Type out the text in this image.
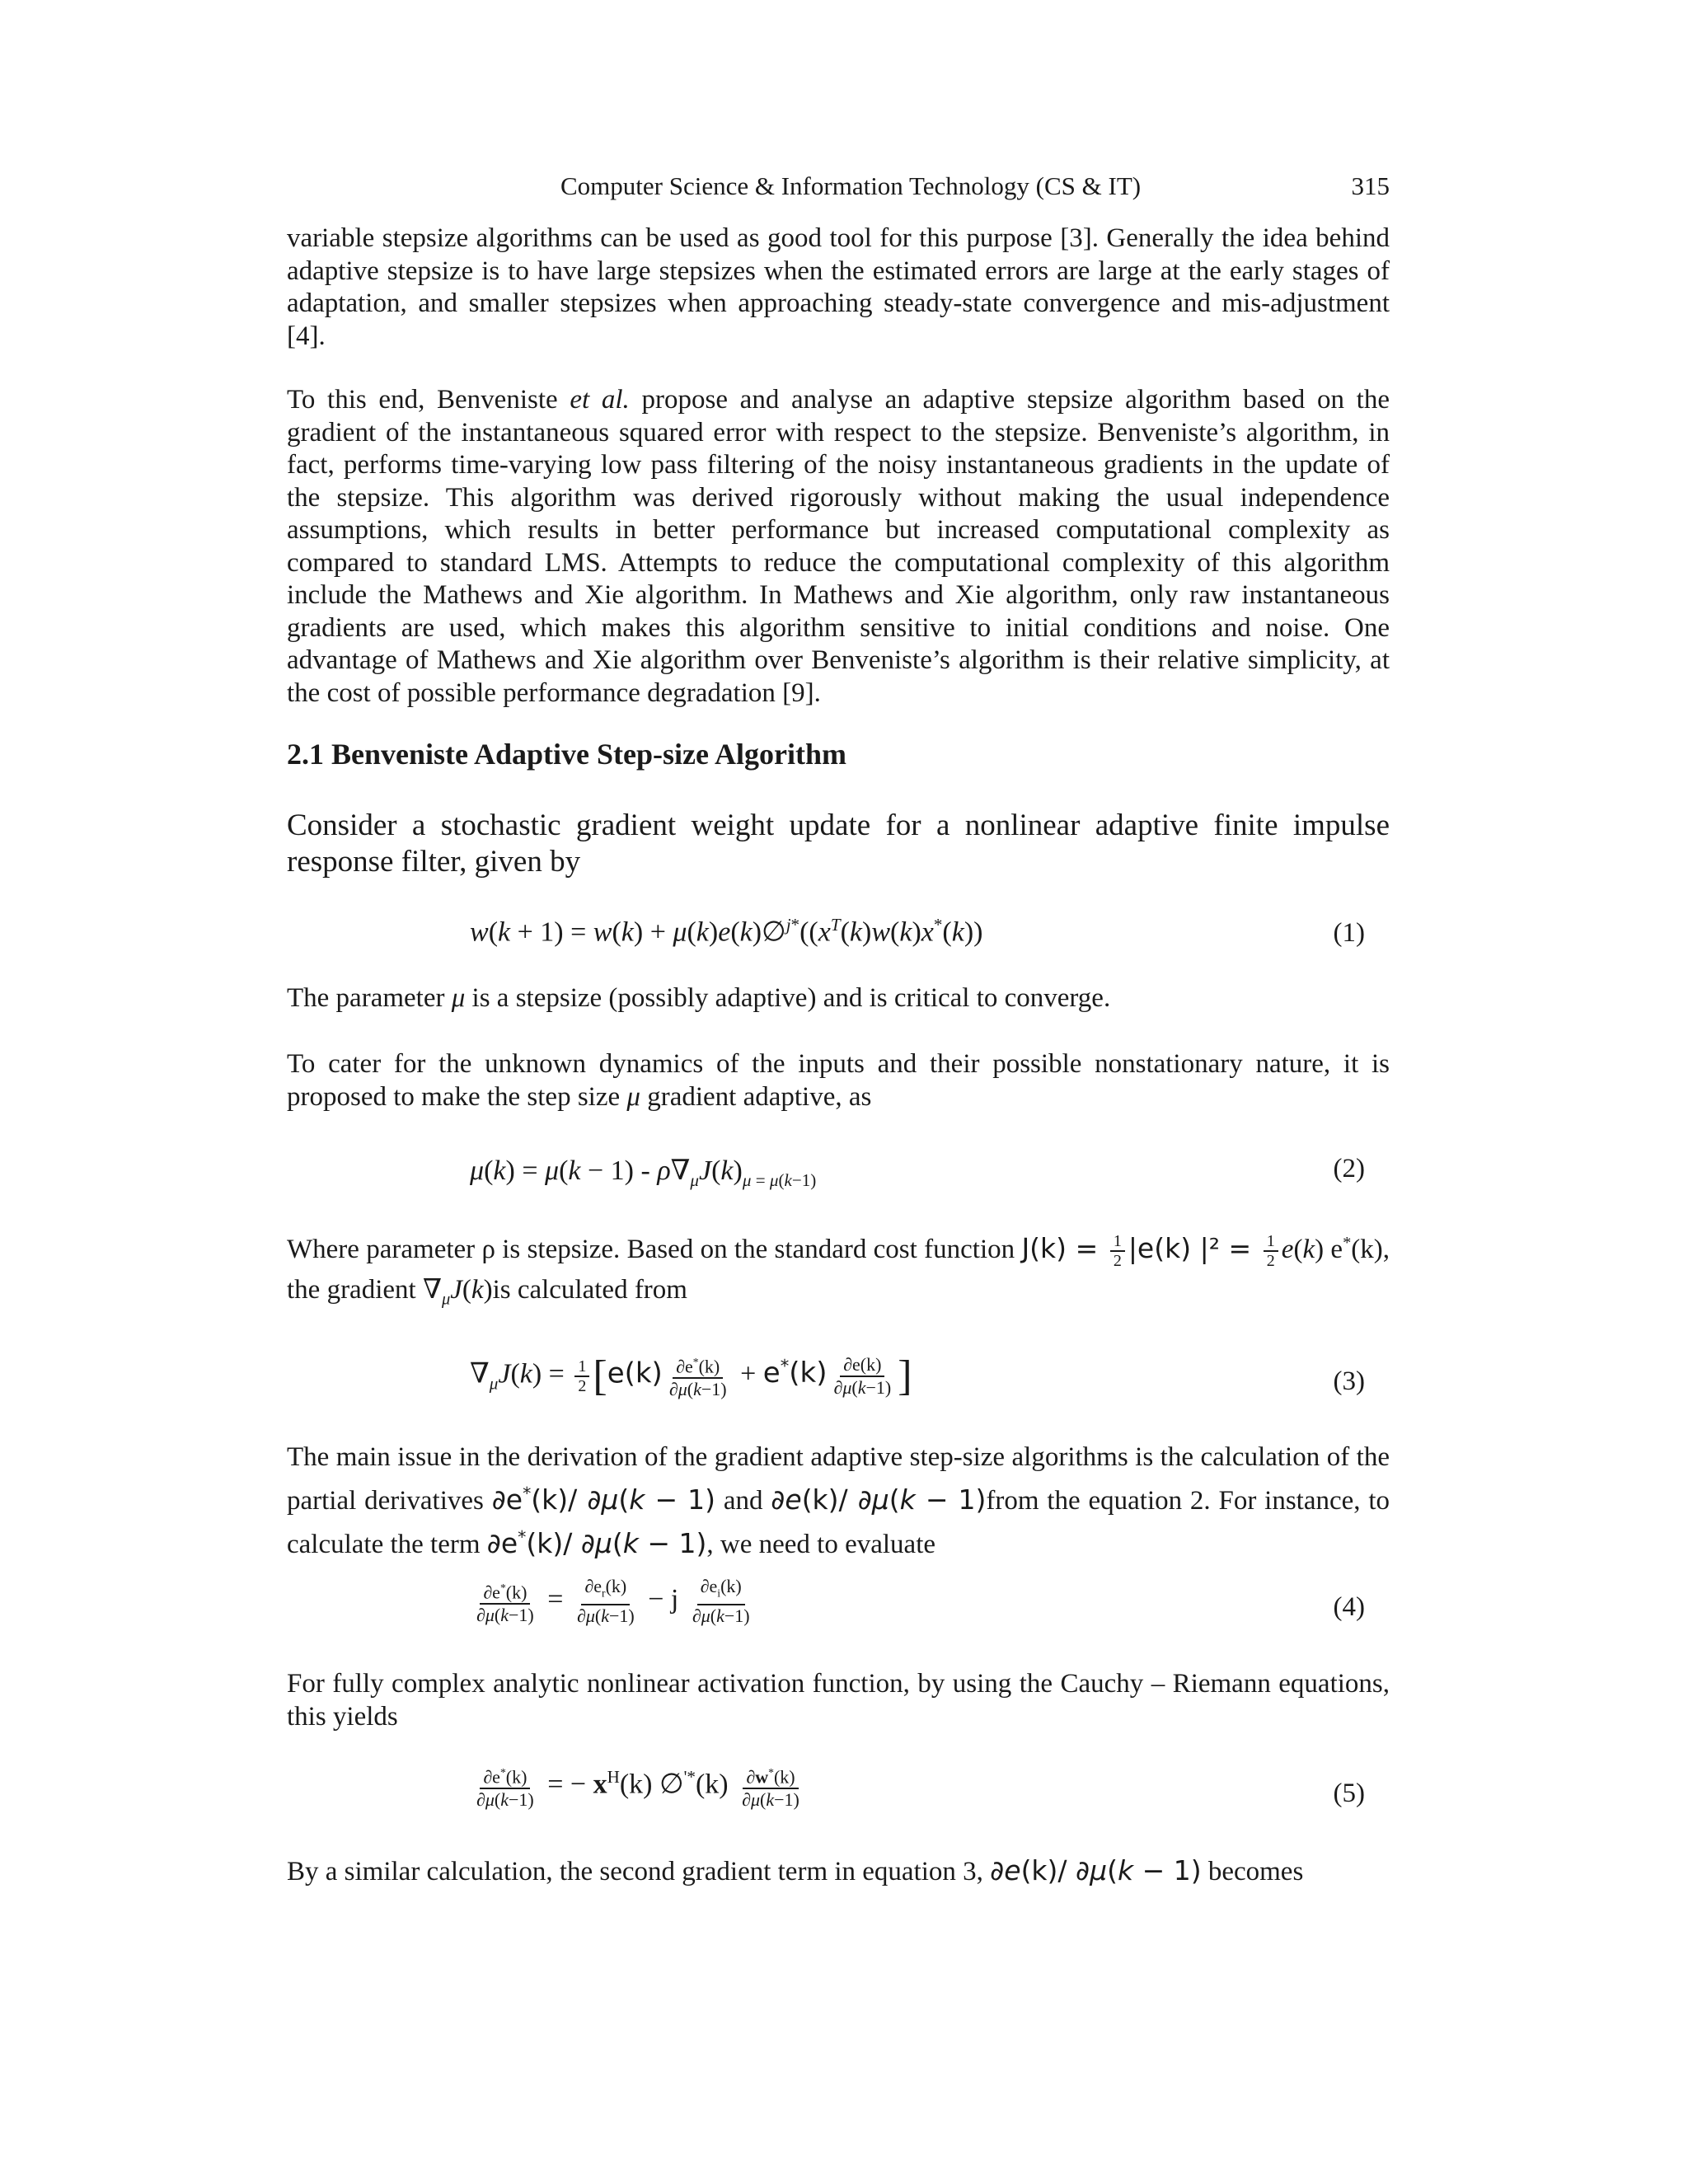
Computer Science & Information Technology (CS & IT)	315
variable stepsize algorithms can be used as good tool for this purpose [3]. Generally the idea behind adaptive stepsize is to have large stepsizes when the estimated errors are large at the early stages of adaptation, and smaller stepsizes when approaching steady-state convergence and mis-adjustment [4].
To this end, Benveniste et al. propose and analyse an adaptive stepsize algorithm based on the gradient of the instantaneous squared error with respect to the stepsize. Benveniste’s algorithm, in fact, performs time-varying low pass filtering of the noisy instantaneous gradients in the update of the stepsize. This algorithm was derived rigorously without making the usual independence assumptions, which results in better performance but increased computational complexity as compared to standard LMS. Attempts to reduce the computational complexity of this algorithm include the Mathews and Xie algorithm. In Mathews and Xie algorithm, only raw instantaneous gradients are used, which makes this algorithm sensitive to initial conditions and noise. One advantage of Mathews and Xie algorithm over Benveniste’s algorithm is their relative simplicity, at the cost of possible performance degradation [9].
2.1 Benveniste Adaptive Step-size Algorithm
Consider a stochastic gradient weight update for a nonlinear adaptive finite impulse response filter, given by
$w(k + 1) = w(k) + \mu(k)e(k)\emptyset^{j*}((x^T(k)w(k)x^*(k))$	(1)
The parameter μ is a stepsize (possibly adaptive) and is critical to converge.
To cater for the unknown dynamics of the inputs and their possible nonstationary nature, it is proposed to make the step size μ gradient adaptive, as
$\mu(k) = \mu(k - 1) - \rho\nabla_\mu J(k)_{\mu = \mu(k-1)}$	(2)
Where parameter ρ is stepsize. Based on the standard cost function $J(k) = \frac{1}{2} |e(k) |^2 = \frac{1}{2} e(k)$ e*(k), the gradient $\nabla_\mu J(k)is$ calculated from
$\nabla_\mu J(k) = \frac{1}{2} [e(k) \frac{\partial e^*(k)}{\partial\mu(k-1)} + e^*(k) \frac{\partial e(k)}{\partial\mu(k-1)}$ ]	(3)
The main issue in the derivation of the gradient adaptive step-size algorithms is the calculation of the partial derivatives ∂e*(k)/ ∂μ(k − 1) and ∂e(k)/ ∂μ(k − 1)from the equation 2. For instance, to calculate the term ∂e*(k)/ ∂μ(k − 1), we need to evaluate
$\frac{\partial e^*(k)}{\partial\mu(k-1)} = \frac{\partial e_r(k)}{\partial\mu(k-1)} - j \frac{\partial e_i(k)}{\partial\mu(k-1)}$	(4)
For fully complex analytic nonlinear activation function, by using the Cauchy – Riemann equations, this yields
$\frac{\partial e^*(k)}{\partial\mu(k-1)}$ = − $x^H(k)$ ∅'*(k) $\frac{\partial w^*(k)}{\partial\mu(k-1)}$	(5)
By a similar calculation, the second gradient term in equation 3, ∂e(k)/ ∂μ(k − 1) becomes
